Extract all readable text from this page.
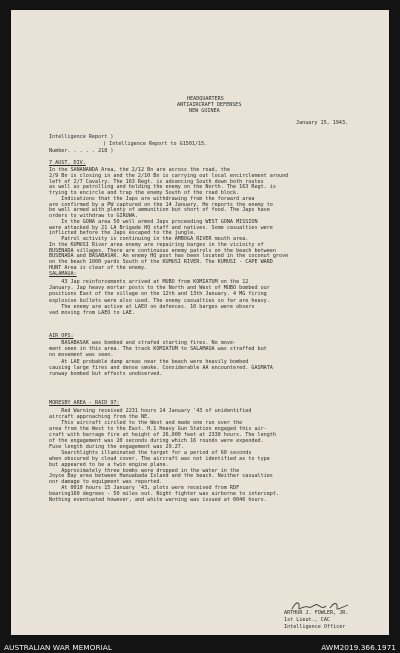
HEADQUARTERS
ANTIAIRCRAFT DEFENSES
NEW GUINEA
January 15, 1943.
Intelligence Report )
) Intelligence Report to G1501/15.
Number. . . . . 218 )
7 AUST. DIV.
In the SANANANDA Area, the 2/12 Bn are across the road, the
2/9 Bn is closing in and the 2/10 Bn is carrying out local encirclement around
left of 2/7 Cavalry. The 163 Regt. is advancing South down both routes
as well as patrolling and holding the enemy on the North. The 163 Regt. is
trying to encircle and trap the enemy South of the road block.
Indications that the Japs are withdrawing from the forward area
are confirmed by a PW captured on the 14 January. He reports the enemy to
be well armed with plenty of ammunition but short of food. The Japs have
orders to withdraw to GIRUWA.
In the GONA area 50 well armed Japs proceeding WEST GONA MISSION
were attacked by 21 LA Brigade HQ staff and natives. Some casualties were
inflicted before the Japs escaped to the jungle.
Patrol activity is continuing in the AMBOGA RIVER mouth area.
In the KUMUSI River area enemy are repairing barges in the vicinity of
BUSENADA villages. There are continuous enemy patrols on the beach between
BUSENADA and BASABASAK. An enemy HQ post has been located in the coconut grove
on the beach 1000 yards South of the KUMUSI RIVER. The KUMUSI - CAPE WARD
HUNT Area is clear of the enemy.
SALAMAUA:
43 Jap reinforcements arrived at MUBO from KOMIATUM on the 12
January. Jap heavy mortar posts to the North and West of MUBO bombed our
positions East of the village on the 12th and 13th January. 4 MG firing
explosive bullets were also used. The enemy casualties so far are heavy.
The enemy are active at LAEO on defences. 10 barges were observ
ved moving from LAEO to LAE.
AIR OPS:
BASABASAK was bombed and strafed starting fires. No move-
ment seen in this area. The track KOMIATUM to SALAMAUA was straffed but
no movement was seen.
At LAE probable dump areas near the beach were heavily bombed
causing large fires and dense smoke. Considerable AA encountered. GASMATA
runway bombed but effects unobserved.
MORESBY AREA - RAID 97:
Red Warning received 2231 hours 14 January '43 of unidentified
aircraft approaching from the NE.
This aircraft circled to the West and made one run over the
area from the West to the East. H.1 Heavy Gun Station engaged this air-
craft with barrage fire at height of 26,000 feet at 2330 hours. The length
of the engagement was 20 seconds during which 16 rounds were expended.
Fuse length during the engagement was 29.27.
Searchlights illuminated the target for a period of 60 seconds
when obscured by cloud cover. The aircraft was not identified as to type
but appeared to be a twin engine plane.
Approximately three bombs were dropped in the water in the
Joyce Bay area between Hanuabada Island and the beach. Neither casualties
nor damage to equipment was reported.
At 0010 hours 15 January '43, plots were received from RDF
bearing160 degrees - 50 miles out. Night fighter was airborne to intercept.
Nothing eventuated however, and white warning was issued at 0046 hours.
ARTHUR J. FOWLER, JR.
1st Lieut., CAC
Intelligence Officer
AUSTRALIAN WAR MEMORIAL	AWM2019.366.1971
